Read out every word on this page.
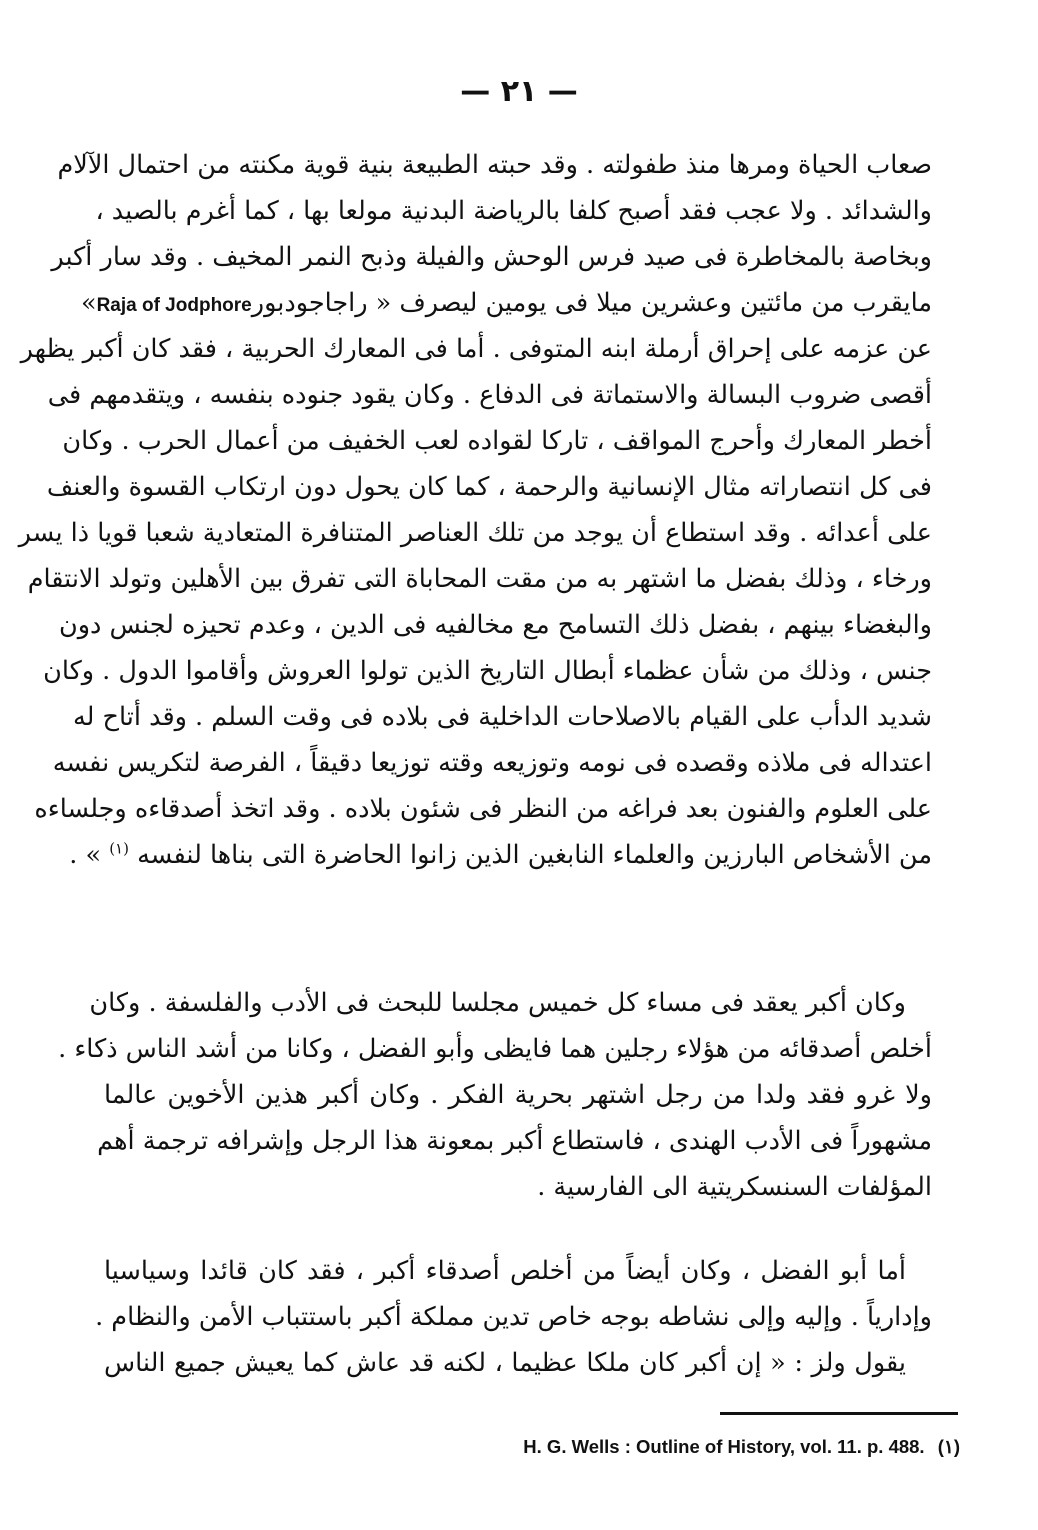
— ٢١ —
صعاب الحياة ومرها منذ طفولته . وقد حبته الطبيعة بنية قوية مكنته من احتمال الآلام
والشدائد . ولا عجب فقد أصبح كلفا بالرياضة البدنية مولعا بها ، كما أغرم بالصيد ،
وبخاصة بالمخاطرة فى صيد فرس الوحش والفيلة وذبح النمر المخيف . وقد سار أكبر
مايقرب من مائتين وعشرين ميلا فى يومين ليصرف « راجاجودبورRaja of Jodphore»
عن عزمه على إحراق أرملة ابنه المتوفى . أما فى المعارك الحربية ، فقد كان أكبر يظهر
أقصى ضروب البسالة والاستماتة فى الدفاع . وكان يقود جنوده بنفسه ، ويتقدمهم فى
أخطر المعارك وأحرج المواقف ، تاركا لقواده لعب الخفيف من أعمال الحرب . وكان
فى كل انتصاراته مثال الإنسانية والرحمة ، كما كان يحول دون ارتكاب القسوة والعنف
على أعدائه . وقد استطاع أن يوجد من تلك العناصر المتنافرة المتعادية شعبا قويا ذا يسر
ورخاء ، وذلك بفضل ما اشتهر به من مقت المحاباة التى تفرق بين الأهلين وتولد الانتقام
والبغضاء بينهم ، بفضل ذلك التسامح مع مخالفيه فى الدين ، وعدم تحيزه لجنس دون
جنس ، وذلك من شأن عظماء أبطال التاريخ الذين تولوا العروش وأقاموا الدول . وكان
شديد الدأب على القيام بالاصلاحات الداخلية فى بلاده فى وقت السلم . وقد أتاح له
اعتداله فى ملاذه وقصده فى نومه وتوزيعه وقته توزيعا دقيقاً ، الفرصة لتكريس نفسه
على العلوم والفنون بعد فراغه من النظر فى شئون بلاده . وقد اتخذ أصدقاءه وجلساءه
من الأشخاص البارزين والعلماء النابغين الذين زانوا الحاضرة التى بناها لنفسه $^{(١)}$ » .
وكان أكبر يعقد فى مساء كل خميس مجلسا للبحث فى الأدب والفلسفة . وكان
أخلص أصدقائه من هؤلاء رجلين هما فايظى وأبو الفضل ، وكانا من أشد الناس ذكاء .
ولا غرو فقد ولدا من رجل اشتهر بحرية الفكر . وكان أكبر هذين الأخوين عالما
مشهوراً فى الأدب الهندى ، فاستطاع أكبر بمعونة هذا الرجل وإشرافه ترجمة أهم
المؤلفات السنسكريتية الى الفارسية .
أما أبو الفضل ، وكان أيضاً من أخلص أصدقاء أكبر ، فقد كان قائدا وسياسيا
وإدارياً . وإليه وإلى نشاطه بوجه خاص تدين مملكة أكبر باستتباب الأمن والنظام .
يقول ولز : « إن أكبر كان ملكا عظيما ، لكنه قد عاش كما يعيش جميع الناس
H. G. Wells : Outline of History, vol. 11. p. 488. (١)
